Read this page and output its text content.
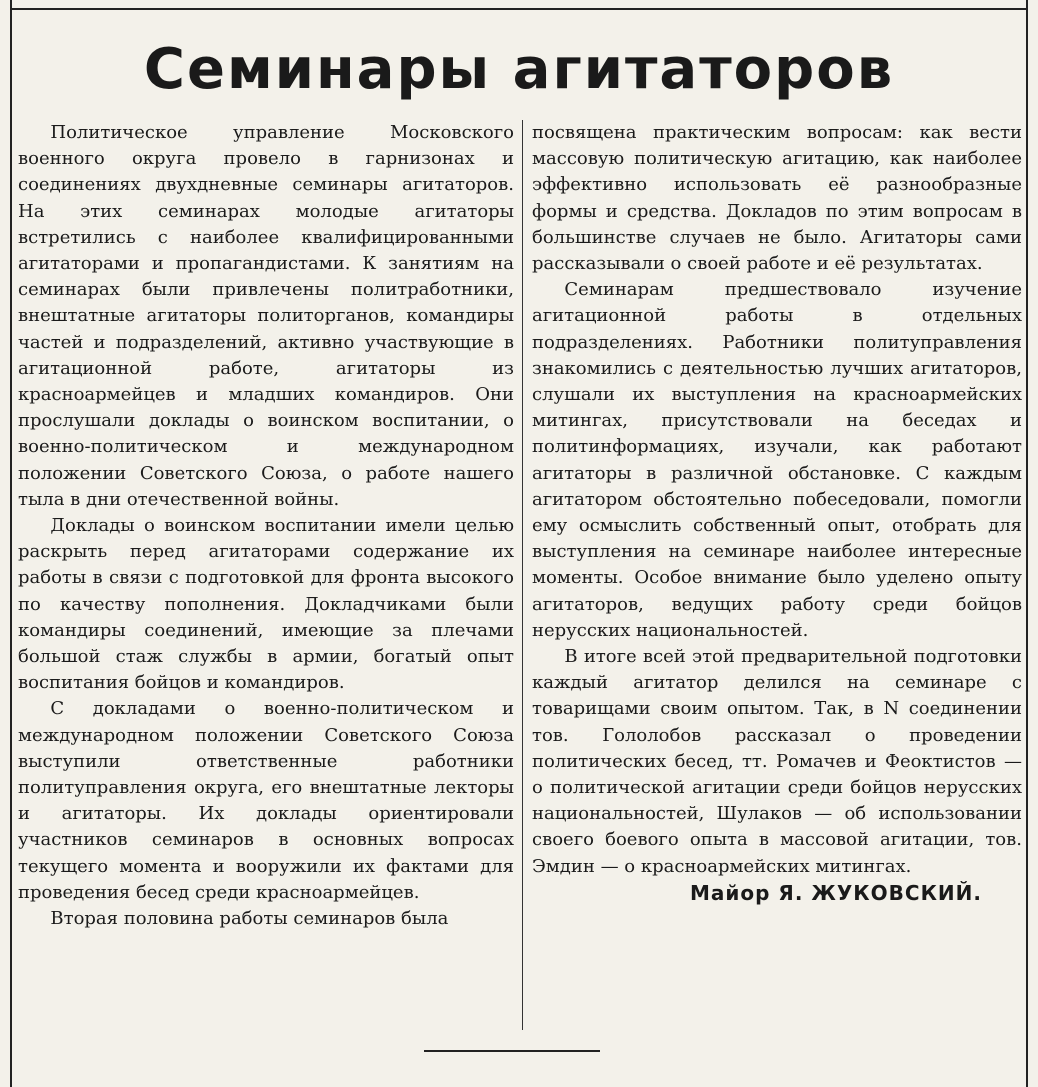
Семинары агитаторов

Политическое управление Московского военного округа провело в гарнизонах и соединениях двухдневные семинары агитаторов. На этих семинарах молодые агитаторы встретились с наиболее квалифицированными агитаторами и пропагандистами. К занятиям на семинарах были привлечены политработники, внештатные агитаторы политорганов, командиры частей и подразделений, активно участвующие в агитационной работе, агитаторы из красноармейцев и младших командиров. Они прослушали доклады о воинском воспитании, о военно-политическом и международном положении Советского Союза, о работе нашего тыла в дни отечественной войны.

Доклады о воинском воспитании имели целью раскрыть перед агитаторами содержание их работы в связи с подготовкой для фронта высокого по качеству пополнения. Докладчиками были командиры соединений, имеющие за плечами большой стаж службы в армии, богатый опыт воспитания бойцов и командиров.

С докладами о военно-политическом и международном положении Советского Союза выступили ответственные работники политуправления округа, его внештатные лекторы и агитаторы. Их доклады ориентировали участников семинаров в основных вопросах текущего момента и вооружили их фактами для проведения бесед среди красноармейцев.

Вторая половина работы семинаров была

посвящена практическим вопросам: как вести массовую политическую агитацию, как наиболее эффективно использовать её разнообразные формы и средства. Докладов по этим вопросам в большинстве случаев не было. Агитаторы сами рассказывали о своей работе и её результатах.

Семинарам предшествовало изучение агитационной работы в отдельных подразделениях. Работники политуправления знакомились с деятельностью лучших агитаторов, слушали их выступления на красноармейских митингах, присутствовали на беседах и политинформациях, изучали, как работают агитаторы в различной обстановке. С каждым агитатором обстоятельно побеседовали, помогли ему осмыслить собственный опыт, отобрать для выступления на семинаре наиболее интересные моменты. Особое внимание было уделено опыту агитаторов, ведущих работу среди бойцов нерусских национальностей.

В итоге всей этой предварительной подготовки каждый агитатор делился на семинаре с товарищами своим опытом. Так, в N соединении тов. Гололобов рассказал о проведении политических бесед, тт. Ромачев и Феоктистов — о политической агитации среди бойцов нерусских национальностей, Шулаков — об использовании своего боевого опыта в массовой агитации, тов. Эмдин — о красноармейских митингах.

Майор Я. ЖУКОВСКИЙ.
